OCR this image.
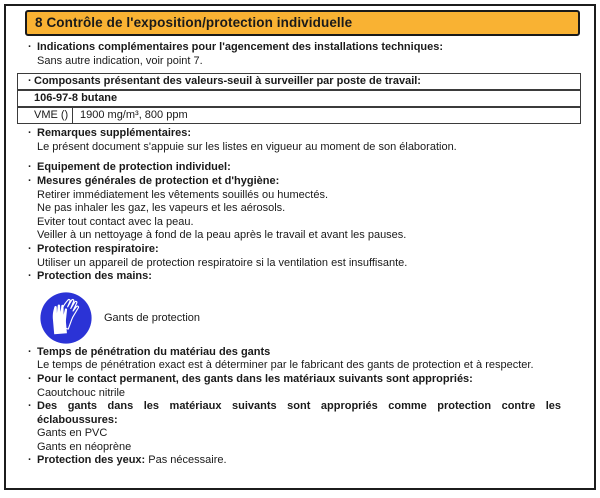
8 Contrôle de l'exposition/protection individuelle
· Indications complémentaires pour l'agencement des installations techniques:
Sans autre indication, voir point 7.
· Composants présentant des valeurs-seuil à surveiller par poste de travail:
106-97-8 butane
VME ()	1900 mg/m³, 800 ppm
· Remarques supplémentaires:
Le présent document s'appuie sur les listes en vigueur au moment de son élaboration.
· Equipement de protection individuel:
· Mesures générales de protection et d'hygiène:
Retirer immédiatement les vêtements souillés ou humectés.
Ne pas inhaler les gaz, les vapeurs et les aérosols.
Eviter tout contact avec la peau.
Veiller à un nettoyage à fond de la peau après le travail et avant les pauses.
· Protection respiratoire:
Utiliser un appareil de protection respiratoire si la ventilation est insuffisante.
· Protection des mains:
Gants de protection
· Temps de pénétration du matériau des gants
Le temps de pénétration exact est à déterminer par le fabricant des gants de protection et à respecter.
· Pour le contact permanent, des gants dans les matériaux suivants sont appropriés:
Caoutchouc nitrile
· Des gants dans les matériaux suivants sont appropriés comme protection contre les éclaboussures:
Gants en PVC
Gants en néoprène
· Protection des yeux: Pas nécessaire.
